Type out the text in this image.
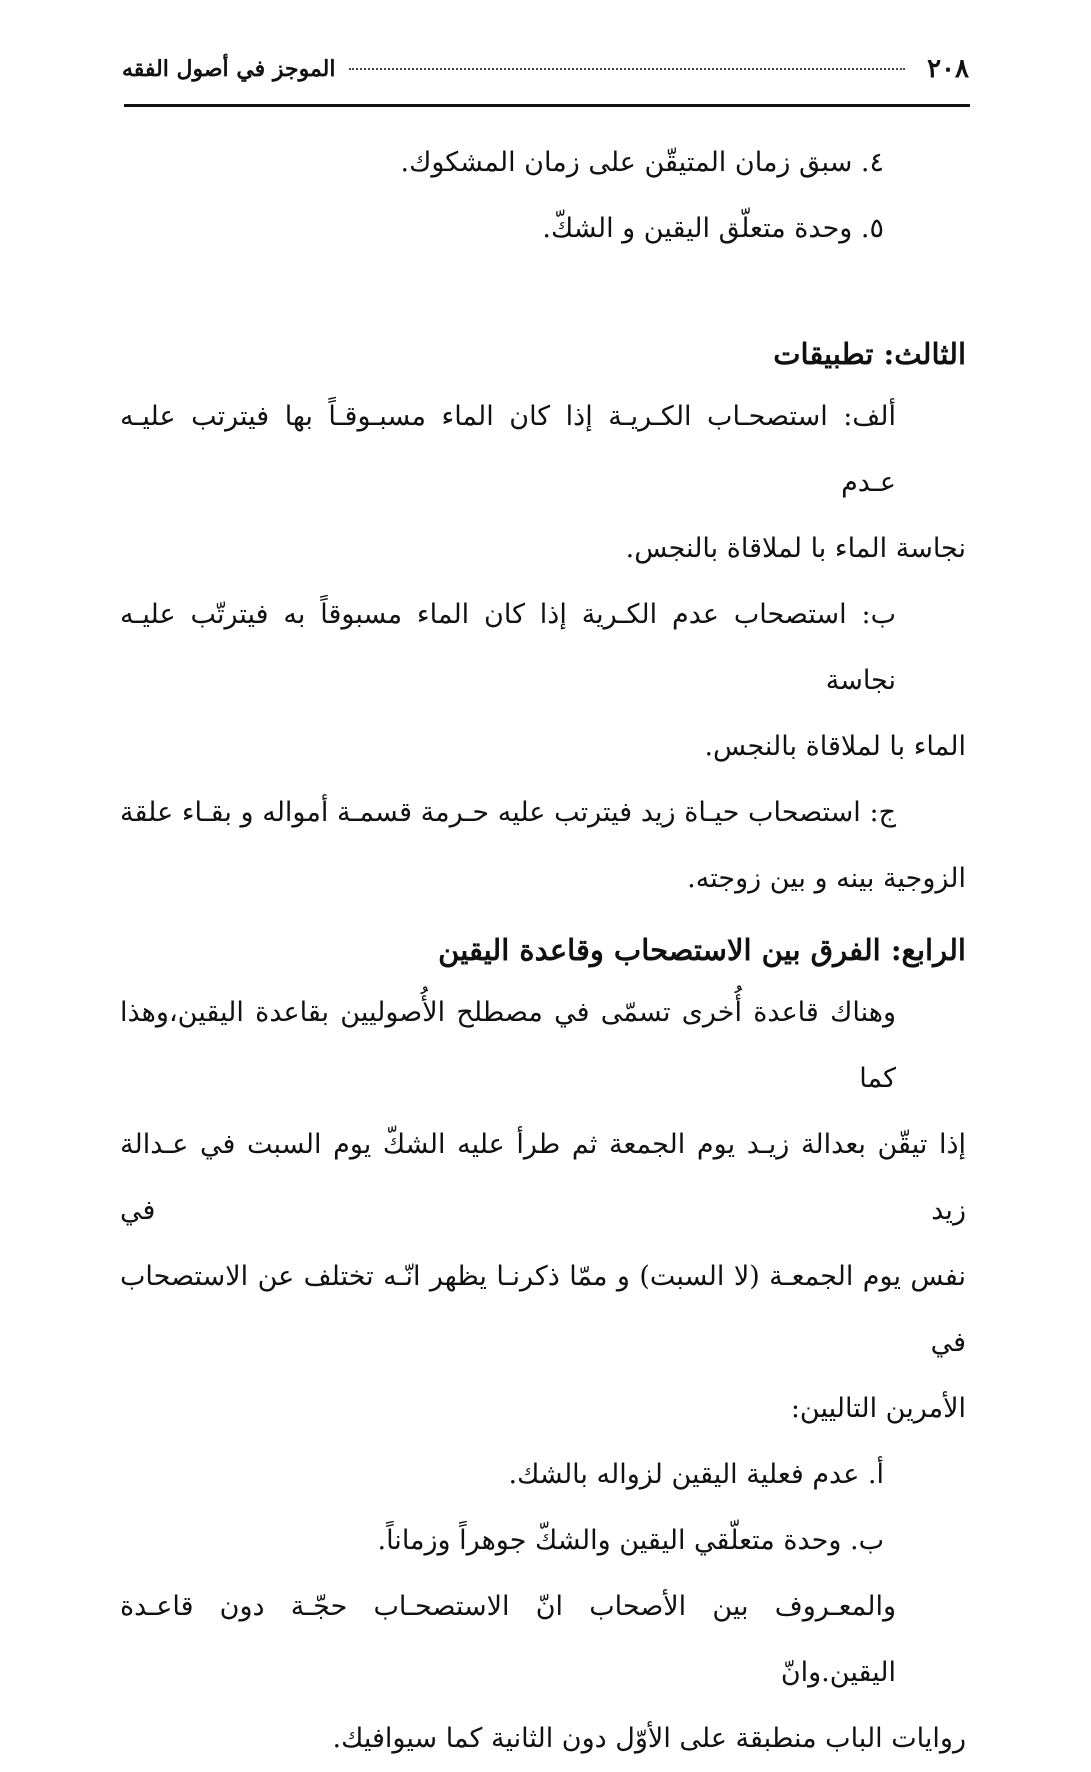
٢٠٨
الموجز في أصول الفقه
٤. سبق زمان المتيقّن على زمان المشكوك.
٥. وحدة متعلّق اليقين و الشكّ.
الثالث: تطبيقات
ألف: استصحـاب الكـريـة إذا كان الماء مسبـوقـاً بها فيترتب عليـه عـدم
نجاسة الماء با لملاقاة بالنجس.
ب: استصحاب عدم الكـرية إذا كان الماء مسبوقاً به فيترتّب عليـه نجاسة
الماء با لملاقاة بالنجس.
ج: استصحاب حيـاة زيد فيترتب عليه حـرمة قسمـة أمواله و بقـاء علقة
الزوجية بينه و بين زوجته.
الرابع: الفرق بين الاستصحاب وقاعدة اليقين
وهناك قاعدة أُخرى تسمّى في مصطلح الأُصوليين بقاعدة اليقين،وهذا كما
إذا تيقّن بعدالة زيـد يوم الجمعة ثم طرأ عليه الشكّ يوم السبت في عـدالة زيد في
نفس يوم الجمعـة (لا السبت) و ممّا ذكرنـا يظهر انّـه تختلف عن الاستصحاب في
الأمرين التاليين:
أ. عدم فعلية اليقين لزواله بالشك.
ب. وحدة متعلّقي اليقين والشكّ جوهراً وزماناً.
والمعـروف بين الأصحاب انّ الاستصحـاب حجّـة دون قاعـدة اليقين.وانّ
روايات الباب منطبقة على الأوّل دون الثانية كما سيوافيك.
